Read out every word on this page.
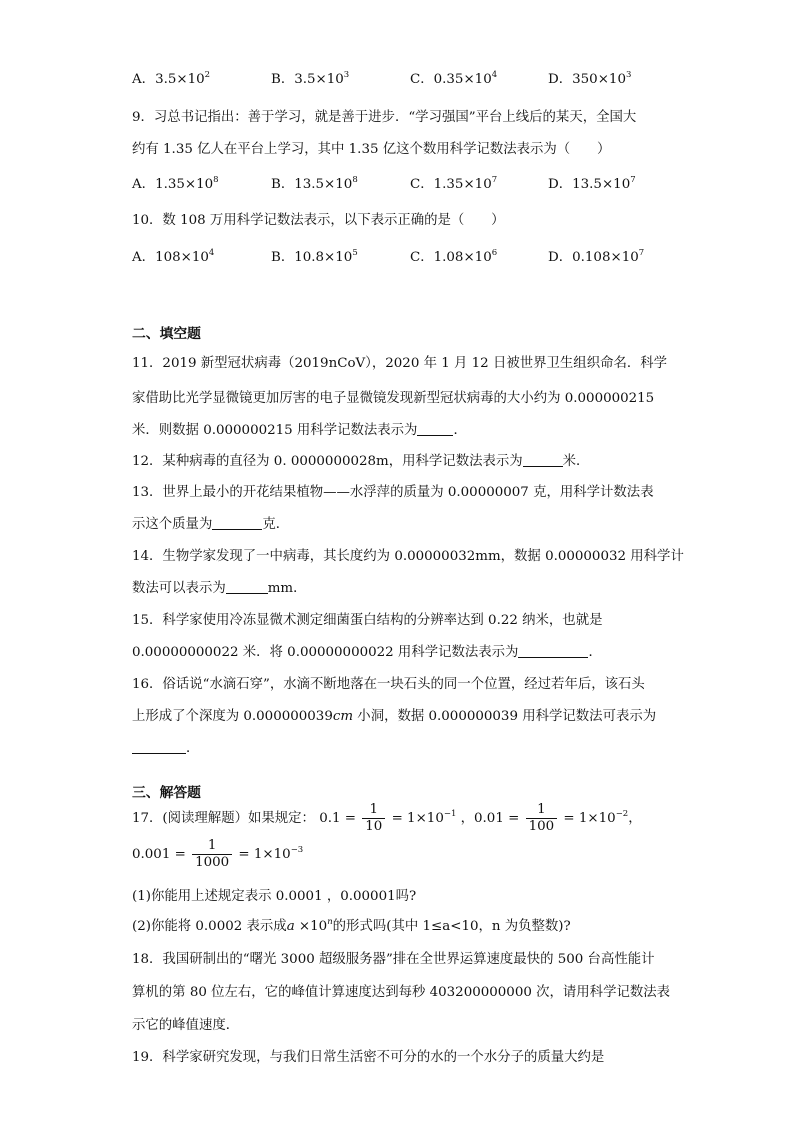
A．$3.5\times 10^2$	B．$3.5\times 10^3$	C．$0.35\times 10^4$	D．$350\times 10^3$
9．习总书记指出：善于学习，就是善于进步．“学习强国”平台上线后的某天，全国大
约有 1.35 亿人在平台上学习，其中 1.35 亿这个数用科学记数法表示为（　　）
A．$1.35\times 10^8$	B．$13.5\times 10^8$	C．$1.35\times 10^7$	D．$13.5\times 10^7$
10．数 108 万用科学记数法表示，以下表示正确的是（　　）
A．$108\times 10^4$	B．$10.8\times 10^5$	C．$1.08\times 10^6$	D．$0.108\times 10^7$
二、填空题
11．2019 新型冠状病毒（2019nCoV），2020 年 1 月 12 日被世界卫生组织命名．科学
家借助比光学显微镜更加厉害的电子显微镜发现新型冠状病毒的大小约为 0.000000215
米．则数据 0.000000215 用科学记数法表示为	．
12．某种病毒的直径为 0. 0000000028m，用科学记数法表示为	米．
13．世界上最小的开花结果植物——水浮萍的质量为 0.00000007 克，用科学计数法表
示这个质量为	克．
14．生物学家发现了一中病毒，其长度约为 0.00000032mm，数据 0.00000032 用科学计
数法可以表示为	mm．
15．科学家使用冷冻显微术测定细菌蛋白结构的分辨率达到 0.22 纳米，也就是
0.00000000022 米．将 0.00000000022 用科学记数法表示为	．
16．俗话说“水滴石穿”，水滴不断地落在一块石头的同一个位置，经过若年后，该石头
上形成了个深度为 0.000000039cm 小洞，数据 0.000000039 用科学记数法可表示为
．
三、解答题
17．(阅读理解题）如果规定： $0.1 = \frac{1}{10} = 1\times 10^{-1}$ ，$0.01 = \frac{1}{100} = 1\times 10^{-2}$，
$0.001 = \frac{1}{1000} = 1\times 10^{-3}$
(1)你能用上述规定表示 0.0001 ，0.00001吗?
(2)你能将 0.0002 表示成$a \times 10^n$的形式吗(其中 1≤a<10，n 为负整数)?
18．我国研制出的“曙光 3000 超级服务器”排在全世界运算速度最快的 500 台高性能计
算机的第 80 位左右，它的峰值计算速度达到每秒 403200000000 次，请用科学记数法表
示它的峰值速度．
19．科学家研究发现，与我们日常生活密不可分的水的一个水分子的质量大约是
